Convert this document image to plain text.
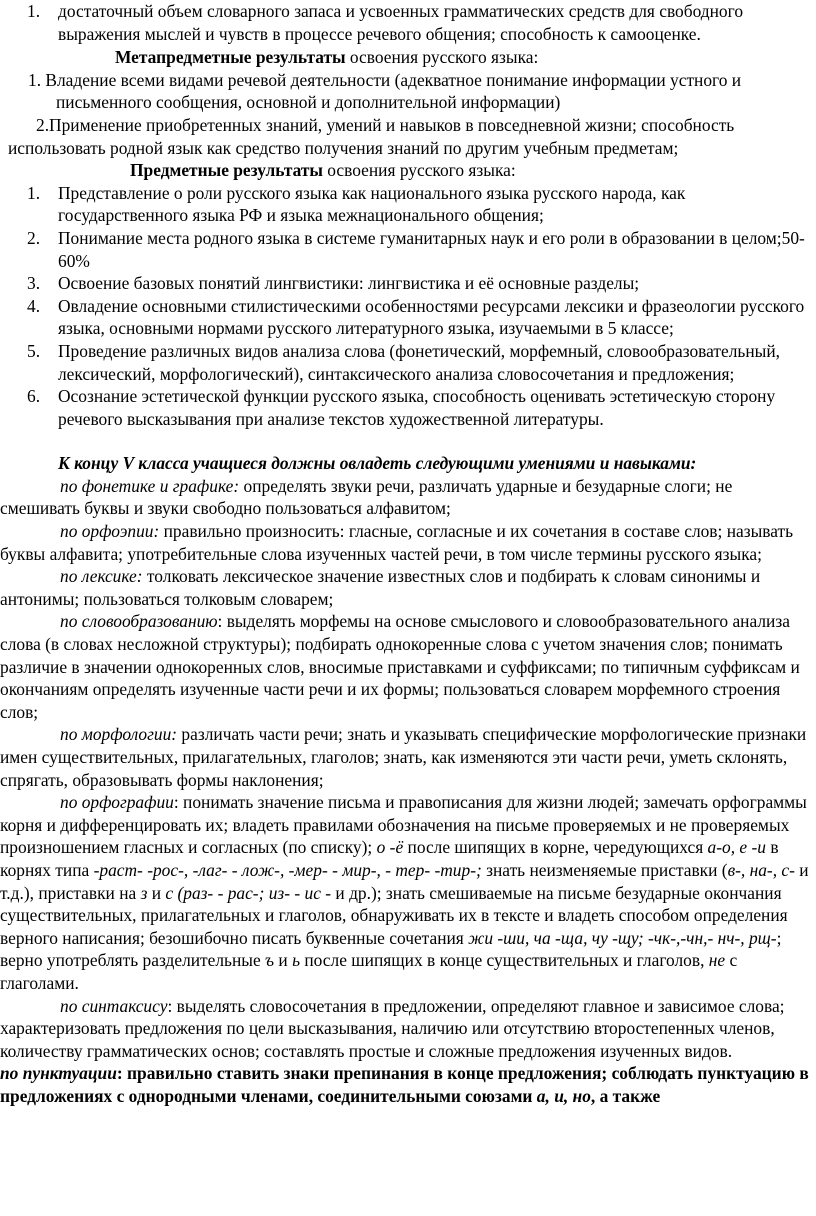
1. достаточный объем словарного запаса и усвоенных грамматических средств для свободного выражения мыслей и чувств в процессе речевого общения; способность к самооценке.

Метапредметные результаты освоения русского языка:

1. Владение всеми видами речевой деятельности (адекватное понимание информации устного и письменного сообщения, основной и дополнительной информации)

2.Применение приобретенных знаний, умений и навыков в повседневной жизни; способность использовать родной язык как средство получения знаний по другим учебным предметам;

Предметные результаты освоения русского языка:

1. Представление о роли русского языка как национального языка русского народа, как государственного языка РФ и языка межнационального общения;
2. Понимание места родного языка в системе гуманитарных наук и его роли в образовании в целом;50-60%
3. Освоение базовых понятий лингвистики: лингвистика и её основные разделы;
4. Овладение основными стилистическими особенностями ресурсами лексики и фразеологии русского языка, основными нормами русского литературного языка, изучаемыми в 5 классе;
5. Проведение различных видов анализа слова (фонетический, морфемный, словообразовательный, лексический, морфологический), синтаксического анализа словосочетания и предложения;
6. Осознание эстетической функции русского языка, способность оценивать эстетическую сторону речевого высказывания при анализе текстов художественной литературы.

К концу V класса учащиеся должны овладеть следующими умениями и навыками:

по фонетике и графике: определять звуки речи, различать ударные и безударные слоги; не смешивать буквы и звуки свободно пользоваться алфавитом;

по орфоэпии: правильно произносить: гласные, согласные и их сочетания в составе слов; называть буквы алфавита; употребительные слова изученных частей речи, в том числе термины русского языка;

по лексике: толковать лексическое значение известных слов и подбирать к словам синонимы и антонимы; пользоваться толковым словарем;

по словообразованию: выделять морфемы на основе смыслового и словообразовательного анализа слова (в словах несложной структуры); подбирать однокоренные слова с учетом значения слов; понимать различие в значении однокоренных слов, вносимые приставками и суффиксами; по типичным суффиксам и окончаниям определять изученные части речи и их формы; пользоваться словарем морфемного строения слов;

по морфологии: различать части речи; знать и указывать специфические морфологические признаки имен существительных, прилагательных, глаголов; знать, как изменяются эти части речи, уметь склонять, спрягать, образовывать формы наклонения;

по орфографии: понимать значение письма и правописания для жизни людей; замечать орфограммы корня и дифференцировать их; владеть правилами обозначения на письме проверяемых и не проверяемых произношением гласных и согласных (по списку); о -ё после шипящих в корне, чередующихся а-о, е -и в корнях типа -раст- -рос-, -лаг- - лож-, -мер- - мир-, - тер- -тир-; знать неизменяемые приставки (в-, на-, с- и т.д.), приставки на з и с (раз- - рас-; из- - ис - и др.); знать смешиваемые на письме безударные окончания существительных, прилагательных и глаголов, обнаруживать их в тексте и владеть способом определения верного написания; безошибочно писать буквенные сочетания жи -ши, ча -ща, чу -щу; -чк-,-чн,- нч-, рщ-; верно употреблять разделительные ъ и ь после шипящих в конце существительных и глаголов, не с глаголами.

по синтаксису: выделять словосочетания в предложении, определяют главное и зависимое слова; характеризовать предложения по цели высказывания, наличию или отсутствию второстепенных членов, количеству грамматических основ; составлять простые и сложные предложения изученных видов.

по пунктуации: правильно ставить знаки препинания в конце предложения; соблюдать пунктуацию в предложениях с однородными членами, соединительными союзами а, и, но, а также
